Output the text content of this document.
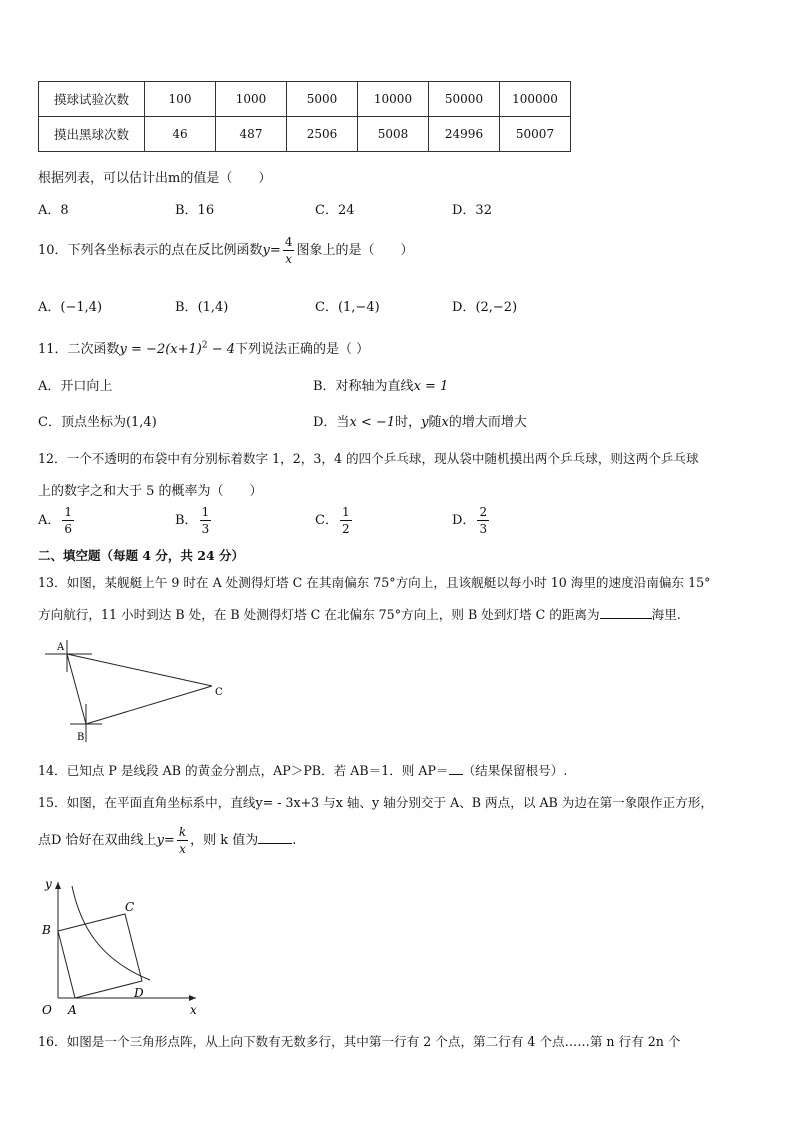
摸球试验次数	100	1000	5000	10000	50000	100000
摸出黑球次数	46	487	2506	5008	24996	50007
根据列表，可以估计出m的值是（　　）
A．8	B．16	C．24	D．32
10．下列各坐标表示的点在反比例函数$y= \frac{4}{x}$ 图象上的是（　　）
A．(−1,4)	B．(1,4)	C．(1,−4)	D．(2,−2)
11．二次函数$y = -2(x+1)^2 - 4$下列说法正确的是（ ）
A．开口向上	B．对称轴为直线x = 1
C．顶点坐标为(1,4)	D．当x < −1时，y随x的增大而增大
12．一个不透明的布袋中有分别标着数字 1，2，3，4 的四个乒乓球，现从袋中随机摸出两个乒乓球，则这两个乒乓球
上的数字之和大于 5 的概率为（　　）
A． $\frac{1}{6}$	B． $\frac{1}{3}$	C． $\frac{1}{2}$	D． $\frac{2}{3}$
二、填空题（每题 4 分，共 24 分）
13．如图，某舰艇上午 9 时在 A 处测得灯塔 C 在其南偏东 75°方向上，且该舰艇以每小时 10 海里的速度沿南偏东 15°
方向航行，11 小时到达 B 处，在 B 处测得灯塔 C 在北偏东 75°方向上，则 B 处到灯塔 C 的距离为	海里.
A
B
C
14．已知点 P 是线段 AB 的黄金分割点，AP＞PB．若 AB＝1．则 AP＝ （结果保留根号）.
15．如图，在平面直角坐标系中，直线y= - 3x+3 与x 轴、y 轴分别交于 A、B 两点，以 AB 为边在第一象限作正方形，
点D 恰好在双曲线上$y= \frac{k}{x}$ ，则 k 值为	.
y
x
O A
B
C
D
16．如图是一个三角形点阵，从上向下数有无数多行，其中第一行有 2 个点，第二行有 4 个点……第 n 行有 2n 个
